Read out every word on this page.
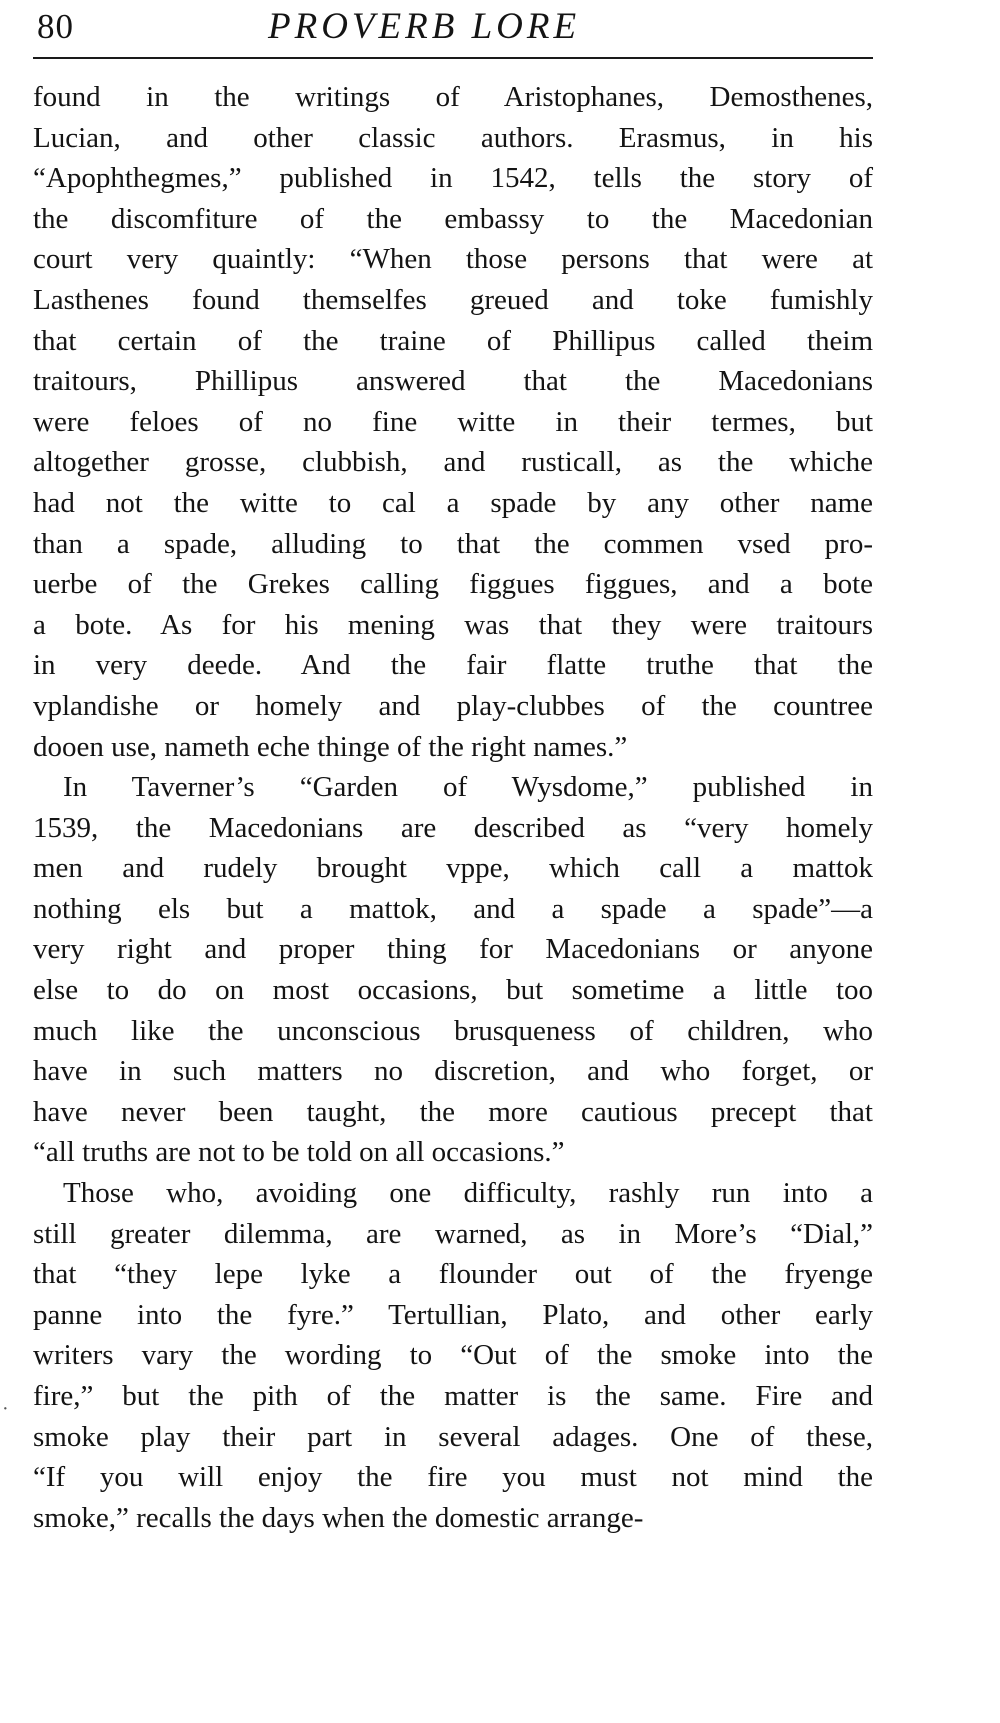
80	PROVERB LORE
found in the writings of Aristophanes, Demosthenes,
Lucian, and other classic authors. Erasmus, in his
“Apophthegmes,” published in 1542, tells the story of
the discomfiture of the embassy to the Macedonian
court very quaintly: “When those persons that were at
Lasthenes found themselfes greued and toke fumishly
that certain of the traine of Phillipus called theim
traitours, Phillipus answered that the Macedonians
were feloes of no fine witte in their termes, but
altogether grosse, clubbish, and rusticall, as the whiche
had not the witte to cal a spade by any other name
than a spade, alluding to that the commen vsed pro-
uerbe of the Grekes calling figgues figgues, and a bote
a bote. As for his mening was that they were traitours
in very deede. And the fair flatte truthe that the
vplandishe or homely and play-clubbes of the countree
dooen use, nameth eche thinge of the right names.”
In Taverner’s “Garden of Wysdome,” published in
1539, the Macedonians are described as “very homely
men and rudely brought vppe, which call a mattok
nothing els but a mattok, and a spade a spade”—a
very right and proper thing for Macedonians or anyone
else to do on most occasions, but sometime a little too
much like the unconscious brusqueness of children, who
have in such matters no discretion, and who forget, or
have never been taught, the more cautious precept that
“all truths are not to be told on all occasions.”
Those who, avoiding one difficulty, rashly run into a
still greater dilemma, are warned, as in More’s “Dial,”
that “they lepe lyke a flounder out of the fryenge
panne into the fyre.” Tertullian, Plato, and other early
writers vary the wording to “Out of the smoke into the
fire,” but the pith of the matter is the same. Fire and
smoke play their part in several adages. One of these,
“If you will enjoy the fire you must not mind the
smoke,” recalls the days when the domestic arrange-
·
